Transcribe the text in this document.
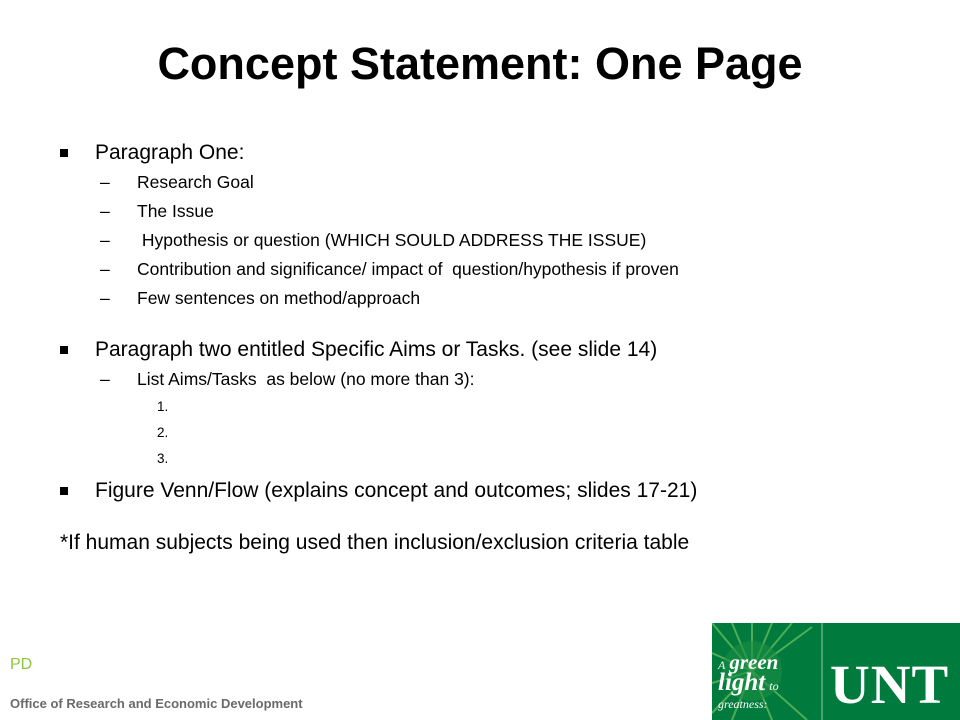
Concept Statement: One Page
Paragraph One:
– Research Goal
– The Issue
– Hypothesis or question (WHICH SOULD ADDRESS THE ISSUE)
– Contribution and significance/ impact of  question/hypothesis if proven
– Few sentences on method/approach
Paragraph two entitled Specific Aims or Tasks. (see slide 14)
– List Aims/Tasks  as below (no more than 3):
1.
2.
3.
Figure Venn/Flow (explains concept and outcomes; slides 17-21)
*If human subjects being used then inclusion/exclusion criteria table
PD
Office of Research and Economic Development
A green
light to
greatness: UNT
